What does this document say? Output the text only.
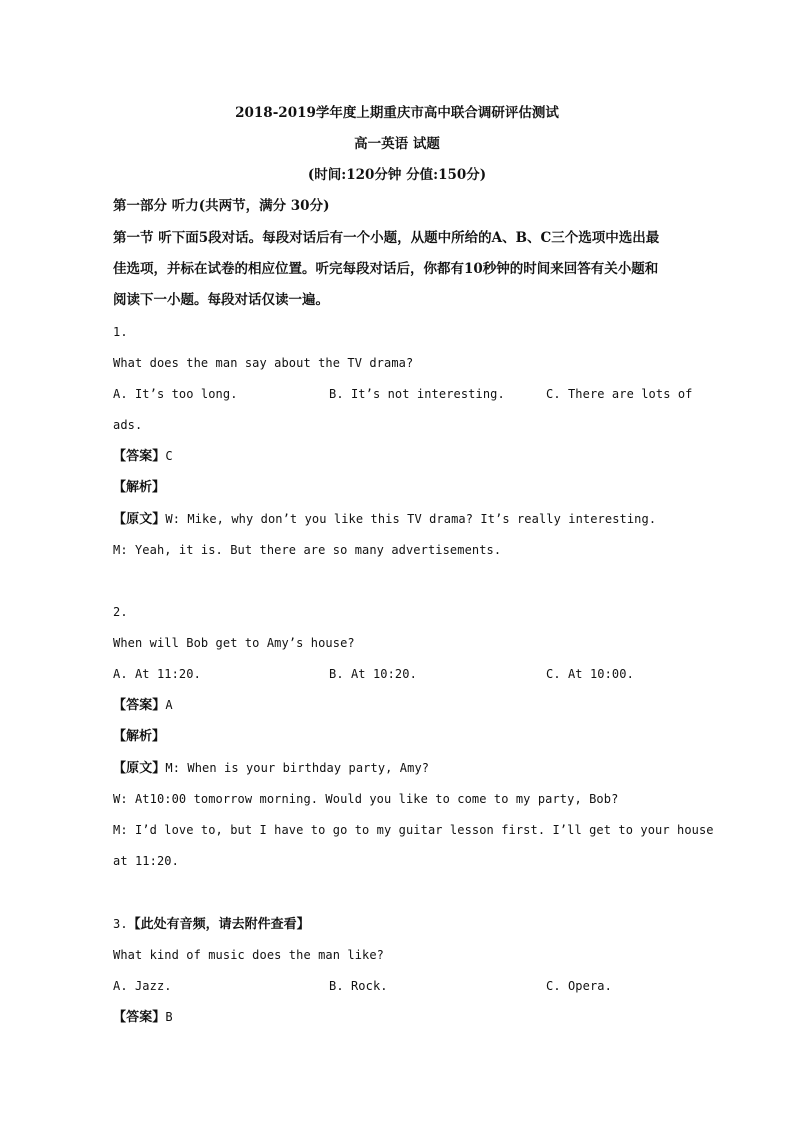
2018-2019学年度上期重庆市高中联合调研评估测试
高一英语 试题
(时间:120分钟 分值:150分)
第一部分 听力(共两节，满分 30分)
第一节 听下面5段对话。每段对话后有一个小题，从题中所给的A、B、C三个选项中选出最
佳选项，并标在试卷的相应位置。听完每段对话后，你都有10秒钟的时间来回答有关小题和
阅读下一小题。每段对话仅读一遍。
1.
What does the man say about the TV drama?
A. It’s too long.	B. It’s not interesting.	C. There are lots of
ads.
【答案】C
【解析】
【原文】W: Mike, why don’t you like this TV drama? It’s really interesting.
M: Yeah, it is. But there are so many advertisements.
2.
When will Bob get to Amy’s house?
A. At 11:20.	B. At 10:20.	C. At 10:00.
【答案】A
【解析】
【原文】M: When is your birthday party, Amy?
W: At10:00 tomorrow morning. Would you like to come to my party, Bob?
M: I’d love to, but I have to go to my guitar lesson first. I’ll get to your house
at 11:20.
3.【此处有音频，请去附件查看】
What kind of music does the man like?
A. Jazz.	B. Rock.	C. Opera.
【答案】B
